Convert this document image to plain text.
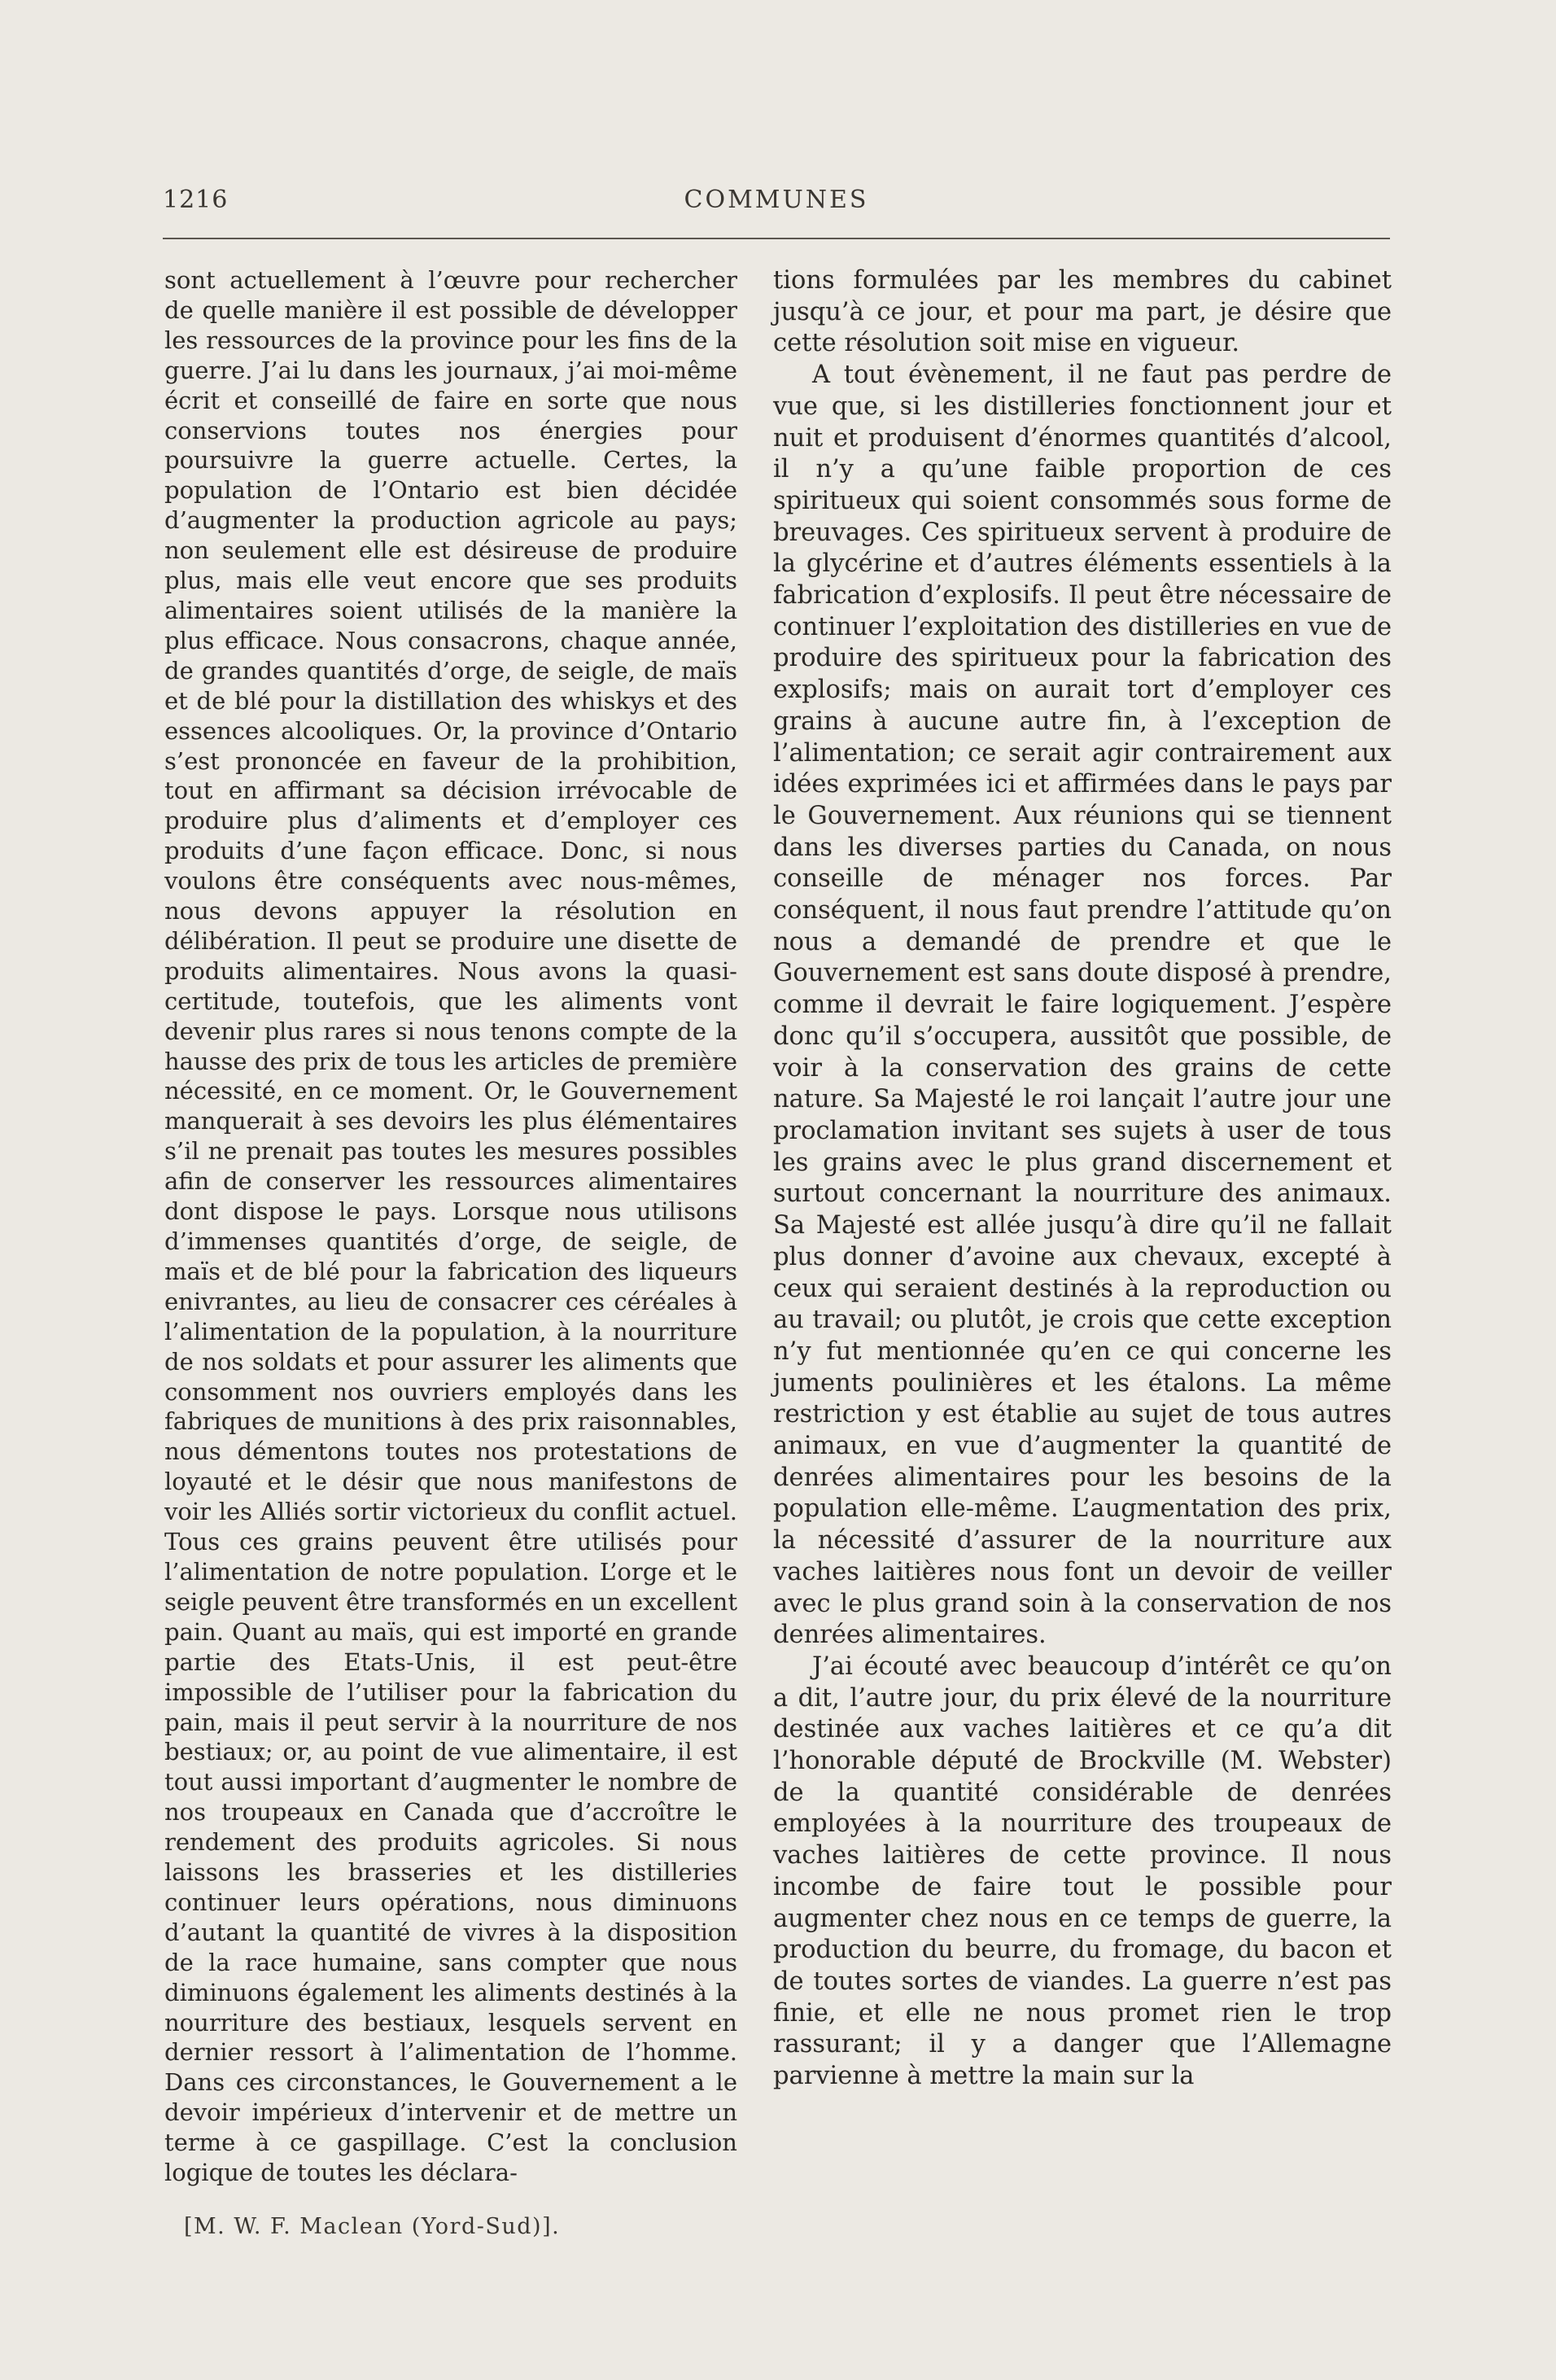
1216	COMMUNES

sont actuellement à l’œuvre pour rechercher de quelle manière il est possible de développer les ressources de la province pour les fins de la guerre. J’ai lu dans les journaux, j’ai moi-même écrit et conseillé de faire en sorte que nous conservions toutes nos énergies pour poursuivre la guerre actuelle. Certes, la population de l’Ontario est bien décidée d’augmenter la production agricole au pays; non seulement elle est désireuse de produire plus, mais elle veut encore que ses produits alimentaires soient utilisés de la manière la plus efficace. Nous consacrons, chaque année, de grandes quantités d’orge, de seigle, de maïs et de blé pour la distillation des whiskys et des essences alcooliques. Or, la province d’Ontario s’est prononcée en faveur de la prohibition, tout en affirmant sa décision irrévocable de produire plus d’aliments et d’employer ces produits d’une façon efficace. Donc, si nous voulons être conséquents avec nous-mêmes, nous devons appuyer la résolution en délibération. Il peut se produire une disette de produits alimentaires. Nous avons la quasi-certitude, toutefois, que les aliments vont devenir plus rares si nous tenons compte de la hausse des prix de tous les articles de première nécessité, en ce moment. Or, le Gouvernement manquerait à ses devoirs les plus élémentaires s’il ne prenait pas toutes les mesures possibles afin de conserver les ressources alimentaires dont dispose le pays. Lorsque nous utilisons d’immenses quantités d’orge, de seigle, de maïs et de blé pour la fabrication des liqueurs enivrantes, au lieu de consacrer ces céréales à l’alimentation de la population, à la nourriture de nos soldats et pour assurer les aliments que consomment nos ouvriers employés dans les fabriques de munitions à des prix raisonnables, nous démentons toutes nos protestations de loyauté et le désir que nous manifestons de voir les Alliés sortir victorieux du conflit actuel. Tous ces grains peuvent être utilisés pour l’alimentation de notre population. L’orge et le seigle peuvent être transformés en un excellent pain. Quant au maïs, qui est importé en grande partie des Etats-Unis, il est peut-être impossible de l’utiliser pour la fabrication du pain, mais il peut servir à la nourriture de nos bestiaux; or, au point de vue alimentaire, il est tout aussi important d’augmenter le nombre de nos troupeaux en Canada que d’accroître le rendement des produits agricoles. Si nous laissons les brasseries et les distilleries continuer leurs opérations, nous diminuons d’autant la quantité de vivres à la disposition de la race humaine, sans compter que nous diminuons également les aliments destinés à la nourriture des bestiaux, lesquels servent en dernier ressort à l’alimentation de l’homme. Dans ces circonstances, le Gouvernement a le devoir impérieux d’intervenir et de mettre un terme à ce gaspillage. C’est la conclusion logique de toutes les déclara-

tions formulées par les membres du cabinet jusqu’à ce jour, et pour ma part, je désire que cette résolution soit mise en vigueur.

A tout évènement, il ne faut pas perdre de vue que, si les distilleries fonctionnent jour et nuit et produisent d’énormes quantités d’alcool, il n’y a qu’une faible proportion de ces spiritueux qui soient consommés sous forme de breuvages. Ces spiritueux servent à produire de la glycérine et d’autres éléments essentiels à la fabrication d’explosifs. Il peut être nécessaire de continuer l’exploitation des distilleries en vue de produire des spiritueux pour la fabrication des explosifs; mais on aurait tort d’employer ces grains à aucune autre fin, à l’exception de l’alimentation; ce serait agir contrairement aux idées exprimées ici et affirmées dans le pays par le Gouvernement. Aux réunions qui se tiennent dans les diverses parties du Canada, on nous conseille de ménager nos forces. Par conséquent, il nous faut prendre l’attitude qu’on nous a demandé de prendre et que le Gouvernement est sans doute disposé à prendre, comme il devrait le faire logiquement. J’espère donc qu’il s’occupera, aussitôt que possible, de voir à la conservation des grains de cette nature. Sa Majesté le roi lançait l’autre jour une proclamation invitant ses sujets à user de tous les grains avec le plus grand discernement et surtout concernant la nourriture des animaux. Sa Majesté est allée jusqu’à dire qu’il ne fallait plus donner d’avoine aux chevaux, excepté à ceux qui seraient destinés à la reproduction ou au travail; ou plutôt, je crois que cette exception n’y fut mentionnée qu’en ce qui concerne les juments poulinières et les étalons. La même restriction y est établie au sujet de tous autres animaux, en vue d’augmenter la quantité de denrées alimentaires pour les besoins de la population elle-même. L’augmentation des prix, la nécessité d’assurer de la nourriture aux vaches laitières nous font un devoir de veiller avec le plus grand soin à la conservation de nos denrées alimentaires.

J’ai écouté avec beaucoup d’intérêt ce qu’on a dit, l’autre jour, du prix élevé de la nourriture destinée aux vaches laitières et ce qu’a dit l’honorable député de Brockville (M. Webster) de la quantité considérable de denrées employées à la nourriture des troupeaux de vaches laitières de cette province. Il nous incombe de faire tout le possible pour augmenter chez nous en ce temps de guerre, la production du beurre, du fromage, du bacon et de toutes sortes de viandes. La guerre n’est pas finie, et elle ne nous promet rien le trop rassurant; il y a danger que l’Allemagne parvienne à mettre la main sur la

[M. W. F. Maclean (Yord-Sud)].
